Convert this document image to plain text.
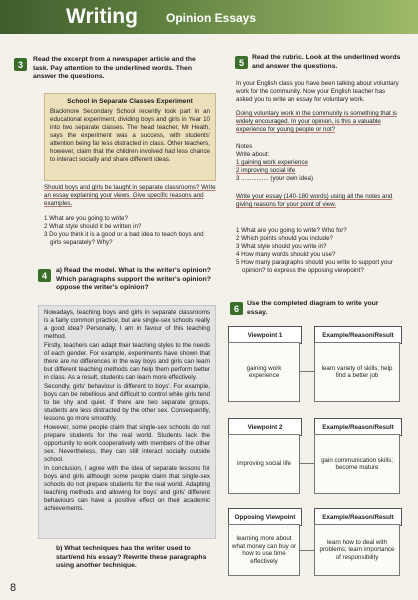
Writing Opinion Essays
3	Read the excerpt from a newspaper article and the task. Pay attention to the underlined words. Then answer the questions.
School in Separate Classes Experiment
Blackmore Secondary School recently took part in an educational experiment, dividing boys and girls in Year 10 into two separate classes. The head teacher, Mr Heath, says the experiment was a success, with students' attention being far less distracted in class. Other teachers, however, claim that the children involved had less chance to interact socially and share different ideas.
Should boys and girls be taught in separate classrooms? Write an essay explaining your views. Give specific reasons and examples.
1 What are you going to write?
2 What style should it be written in?
3 Do you think it is a good or a bad idea to teach boys and girls separately? Why?
4	a) Read the model. What is the writer's opinion? Which paragraphs support the writer's opinion? oppose the writer's opinion?
Nowadays, teaching boys and girls in separate classrooms is a fairly common practice, but are single-sex schools really a good idea? Personally, I am in favour of this teaching method.
Firstly, teachers can adapt their teaching styles to the needs of each gender. For example, experiments have shown that there are no differences in the way boys and girls can learn but different teaching methods can help them perform better in class. As a result, students can learn more effectively.
Secondly, girls' behaviour is different to boys'. For example, boys can be rebellious and difficult to control while girls tend to be shy and quiet. If there are two separate groups, students are less distracted by the other sex. Consequently, lessons go more smoothly.
However, some people claim that single-sex schools do not prepare students for the real world. Students lack the opportunity to work cooperatively with members of the other sex. Nevertheless, they can still interact socially outside school.
In conclusion, I agree with the idea of separate lessons for boys and girls although some people claim that single-sex schools do not prepare students for the real world. Adapting teaching methods and allowing for boys' and girls' different behaviours can have a positive effect on their academic achievements.
b) What techniques has the writer used to start/end his essay? Rewrite these paragraphs using another technique.
8
5	Read the rubric. Look at the underlined words and answer the questions.
In your English class you have been talking about voluntary work for the community. Now your English teacher has asked you to write an essay for voluntary work.
Doing voluntary work in the community is something that is widely encouraged. In your opinion, is this a valuable experience for young people or not?
Notes
Write about:
1 gaining work experience
2 improving social life
3 ................ (your own idea)
Write your essay (140-180 words) using all the notes and giving reasons for your point of view.
1 What are you going to write? Who for?
2 Which points should you include?
3 What style should you write in?
4 How many words should you use?
5 How many paragraphs should you write to support your opinion? to express the opposing viewpoint?
6	Use the completed diagram to write your essay.
Viewpoint 1	Example/Reason/Result
gaining work experience
learn variety of skills; help find a better job
Viewpoint 2	Example/Reason/Result
improving social life
gain communication skills; become mature
Opposing Viewpoint	Example/Reason/Result
learning more about what money can buy or how to use time effectively
learn how to deal with problems; learn importance of responsibility
